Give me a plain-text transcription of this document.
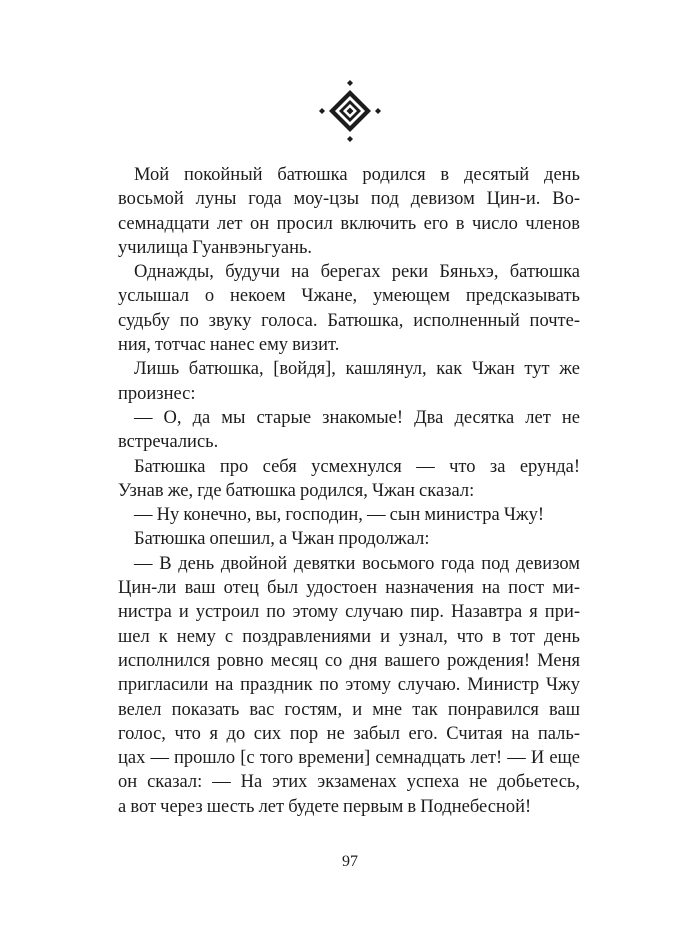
Мой покойный батюшка родился в десятый день
восьмой луны года моу-цзы под девизом Цин-и. Во-
семнадцати лет он просил включить его в число членов
училища Гуанвэньгуань.
Однажды, будучи на берегах реки Бяньхэ, батюшка
услышал о некоем Чжане, умеющем предсказывать
судьбу по звуку голоса. Батюшка, исполненный почте-
ния, тотчас нанес ему визит.
Лишь батюшка, [войдя], кашлянул, как Чжан тут же
произнес:
— О, да мы старые знакомые! Два десятка лет не
встречались.
Батюшка про себя усмехнулся — что за ерунда!
Узнав же, где батюшка родился, Чжан сказал:
— Ну конечно, вы, господин, — сын министра Чжу!
Батюшка опешил, а Чжан продолжал:
— В день двойной девятки восьмого года под девизом
Цин-ли ваш отец был удостоен назначения на пост ми-
нистра и устроил по этому случаю пир. Назавтра я при-
шел к нему с поздравлениями и узнал, что в тот день
исполнился ровно месяц со дня вашего рождения! Меня
пригласили на праздник по этому случаю. Министр Чжу
велел показать вас гостям, и мне так понравился ваш
голос, что я до сих пор не забыл его. Считая на паль-
цах — прошло [с того времени] семнадцать лет! — И еще
он сказал: — На этих экзаменах успеха не добьетесь,
а вот через шесть лет будете первым в Поднебесной!
97
